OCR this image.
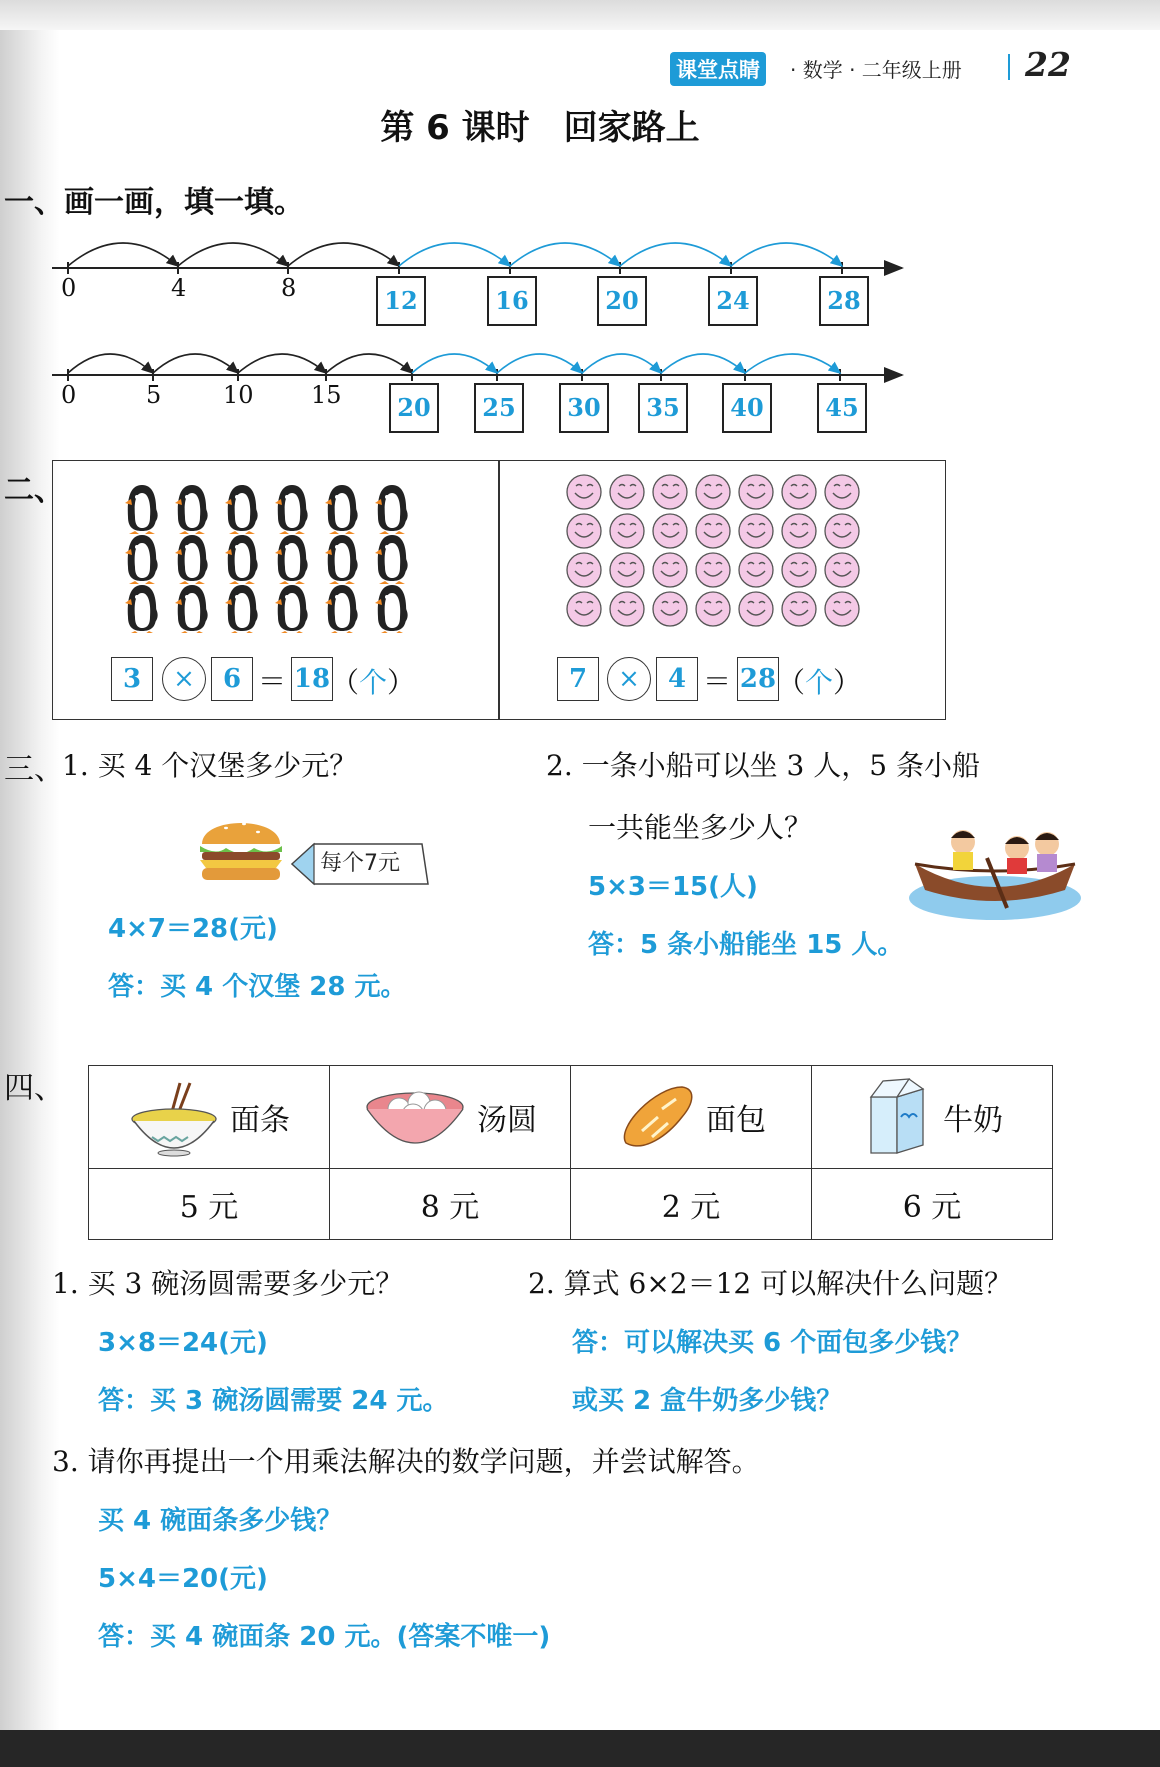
课堂点睛	· 数学 · 二年级上册 22
第 6 课时　回家路上
一、画一画，填一填。
0	4	8	12	16	20	24	28
0	5	10 15	20	25	30	35	40	45
二、
3	×	6 ＝ 18 （个）	7	×	4 ＝ 28 （个）
三、
1. 买 4 个汉堡多少元？
每个7元
4×7＝28(元)
答：买 4 个汉堡 28 元。
2. 一条小船可以坐 3 人，5 条小船
一共能坐多少人？
5×3＝15(人)
答：5 条小船能坐 15 人。
四、
面条	汤圆	面包	牛奶

5 元	8 元	2 元	6 元
1. 买 3 碗汤圆需要多少元？
3×8＝24(元)
答：买 3 碗汤圆需要 24 元。
2. 算式 6×2＝12 可以解决什么问题？
答：可以解决买 6 个面包多少钱？
或买 2 盒牛奶多少钱？
3. 请你再提出一个用乘法解决的数学问题，并尝试解答。
买 4 碗面条多少钱？
5×4＝20(元)
答：买 4 碗面条 20 元。(答案不唯一)
